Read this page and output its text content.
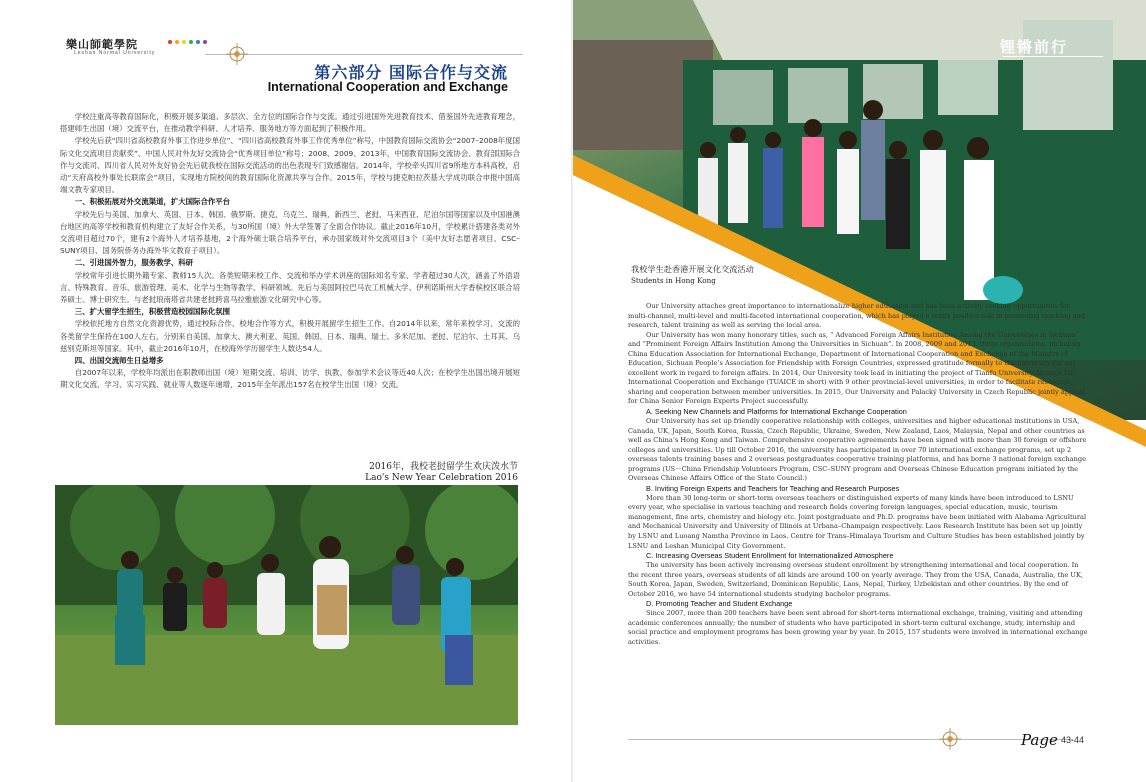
樂山師範學院
Leshan Normal University
第六部分 国际合作与交流
International Cooperation and Exchange

学校注重高等教育国际化，积极开展多渠道、多层次、全方位的国际合作与交流。通过引进国外先进教育技术、借鉴国外先进教育理念，搭建师生出国（境）交流平台，在推动教学科研、人才培养、服务地方等方面起到了积极作用。

学校先后获“四川省高校教育外事工作进步单位”、“四川省高校教育外事工作优秀单位”称号，中国教育国际交流协会“2007–2008年度国际文化交流项目贡献奖”、中国人民对外友好交流协会“优秀项目单位”称号；2008、2009、2013年，中国教育国际交流协会、教育部国际合作与交流司、四川省人民对外友好协会先后就我校在国际交流活动的出色表现专门致感谢信。2014年，学校牵头四川省9所地方本科高校，启动“天府高校外事处长联席会”项目，实现地方院校间的教育国际化资源共享与合作。2015年，学校与捷克帕拉茨基大学成功联合申报中国高端文教专家项目。

一、积极拓展对外交流渠道，扩大国际合作平台

学校先后与美国、加拿大、英国、日本、韩国、俄罗斯、捷克、乌克兰、瑞典、新西兰、老挝、马来西亚、尼泊尔国等国家以及中国港澳台地区的高等学校和教育机构建立了友好合作关系，与30所国（境）外大学签署了全面合作协议。截止2016年10月，学校累计搭建各类对外交流项目超过70个，建有2个海外人才培养基地，2个海外硕士联合培养平台，承办国家级对外交流项目3个（美中友好志愿者项目、CSC–SUNY项目、国务院侨务办海外华文教育子项目）。

二、引进国外智力，服务教学、科研

学校常年引进长期外籍专家、教师15人次。各类短期来校工作、交流和举办学术讲座的国际知名专家、学者超过30人次，涵盖了外语语言、特殊教育、音乐、旅游管理、美术、化学与生物等教学、科研领域。先后与美国阿拉巴马农工机械大学、伊利诺斯州大学香槟校区联合培养硕士、博士研究生。与老挝琅南塔省共建老挝跨喜马拉雅旅游文化研究中心等。

三、扩大留学生招生，积极营造校园国际化氛围

学校依托地方自然文化资源优势，通过校际合作、校地合作等方式，积极开展留学生招生工作。自2014年以来，常年来校学习、交流的各类留学生保持在100人左右，分别来自美国、加拿大、澳大利亚、英国、韩国、日本、瑞典、瑞士、多米尼加、老挝、尼泊尔、土耳其、乌兹别克斯坦等国家。其中，截止2016年10月，在校海外学历留学生人数达54人。

四、出国交流师生日益增多

自2007年以来，学校年均派出在职教师出国（境）短期交流、培训、访学、执教、参加学术会议等近40人次；在校学生出国出境开展短期文化交流、学习、实习实践、就业等人数逐年递增，2015年全年派出157名在校学生出国（境）交流。

2016年，我校老挝留学生欢庆泼水节
Lao's New Year Celebration 2016
锂锵前行
我校学生赴香港开展文化交流活动
Students in Hong Kong

Our University attaches great importance to internationalize higher education and has been actively seeking opportunities for multi-channel, multi-level and multi-faceted international cooperation, which has played a really positive role in promoting teaching and research, talent training as well as serving the local area.

Our University has won many honorary titles, such as, “ Advanced Foreign Affairs Institution Among the Universities in Sichuan” and “Prominent Foreign Affairs Institution Among the Universities in Sichuan”. In 2008, 2009 and 2013, three organisations, including China Education Association for International Exchange, Department of International Cooperation and Exchange of the Ministry of Education, Sichuan People’s Association for Friendship with Foreign Countries, expressed gratitude formally to the university for our excellent work in regard to foreign affairs. In 2014, Our University took lead in initiating the project of Tianfu University Alliance for International Cooperation and Exchange (TUAICE in short) with 9 other provincial-level universities, in order to facilitate resources sharing and cooperation between member universities. In 2015, Our University and Palacký University in Czech Republic jointly applied for China Senior Foreign Experts Project successfully.

A. Seeking New Channels and Platforms for International Exchange Cooperation

Our University has set up friendly cooperative relationship with colleges, universities and higher educational institutions in USA, Canada, UK, Japan, South Korea, Russia, Czech Republic, Ukraine, Sweden, New Zealand, Laos, Malaysia, Nepal and other countries as well as China’s Hong Kong and Taiwan. Comprehensive cooperative agreements have been signed with more than 30 foreign or offshore colleges and universities. Up till October 2016, the university has participated in over 70 international exchange programs, set up 2 overseas talents training bases and 2 overseas postgraduates cooperative training platforms, and has borne 3 national foreign exchange programs (US－China Friendship Volunteers Program, CSC–SUNY program and Overseas Chinese Education program initiated by the Overseas Chinese Affairs Office of the State Council.)

B. Inviting Foreign Experts and Teachers for Teaching and Research Purposes

More than 30 long-term or short-term overseas teachers or distinguished experts of many kinds have been introduced to LSNU every year, who specialise in various teaching and research fields covering foreign languages, special education, music, tourism management, fine arts, chemistry and biology etc. Joint postgraduate and Ph.D. programs have been initiated with Alabama Agricultural and Mechanical University and University of Illinois at Urbana–Champaign respectively. Laos Research Institute has been set up jointly by LSNU and Luoang Namtha Province in Laos. Centre for Trans–Himalaya Tourism and Culture Studies has been established jointly by LSNU and Leshan Municipal City Government.

C. Increasing Overseas Student Enrollment for Internationalized Atmosphere

The university has been actively increasing overseas student enrollment by strengthening international and local cooperation. In the recent three years, overseas students of all kinds are around 100 on yearly average. They from the USA, Canada, Australia, the UK, South Korea, Japan, Sweden, Switzerland, Dominican Republic, Laos, Nepal, Turkey, Uzbekistan and other countries. By the end of October 2016, we have 54 international students studying bachelor programs.

D. Promoting Teacher and Student Exchange

Since 2007, more than 200 teachers have been sent abroad for short-term international exchange, training, visiting and attending academic conferences annually; the number of students who have participated in short-term cultural exchange, study, internship and social practice and employment programs has been growing year by year. In 2015, 157 students were involved in international exchange activities.

Page 43-44
